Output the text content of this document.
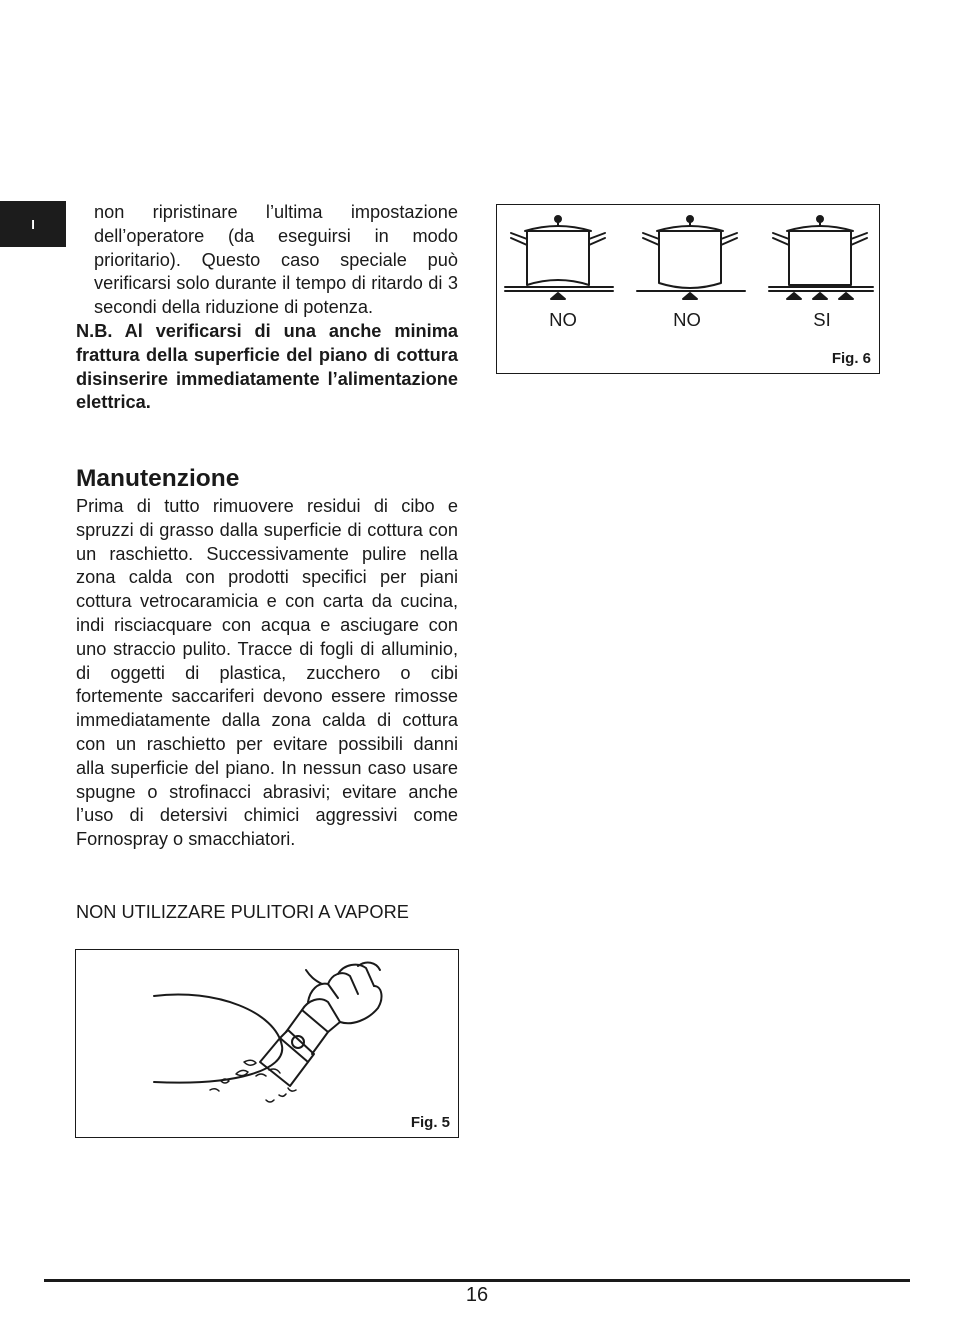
I

non ripristinare l’ultima impostazione dell’operatore (da eseguirsi in modo prioritario). Questo caso speciale può verificarsi solo durante il tempo di ritardo di 3 secondi della riduzione di potenza.

N.B. Al verificarsi di una anche minima frattura della superficie del piano di cottura disinserire immediatamente l’alimentazione elettrica.

Manutenzione

Prima di tutto rimuovere residui di cibo e spruzzi di grasso dalla superficie di cottura con un raschietto. Successivamente pulire nella zona calda con prodotti specifici per piani cottura vetrocaramicia e con carta da cucina, indi risciacquare con acqua e asciugare con uno straccio pulito. Tracce di fogli di alluminio, di oggetti di plastica, zucchero o cibi fortemente saccariferi devono essere rimosse immediatamente dalla zona calda di cottura con un raschietto per evitare possibili danni alla superficie del piano. In nessun caso usare spugne o strofinacci abrasivi; evitare anche l’uso di detersivi chimici aggressivi come Fornospray o smacchiatori.

NON UTILIZZARE PULITORI A VAPORE

Fig. 5
NO	NO	SI
Fig. 6
16
